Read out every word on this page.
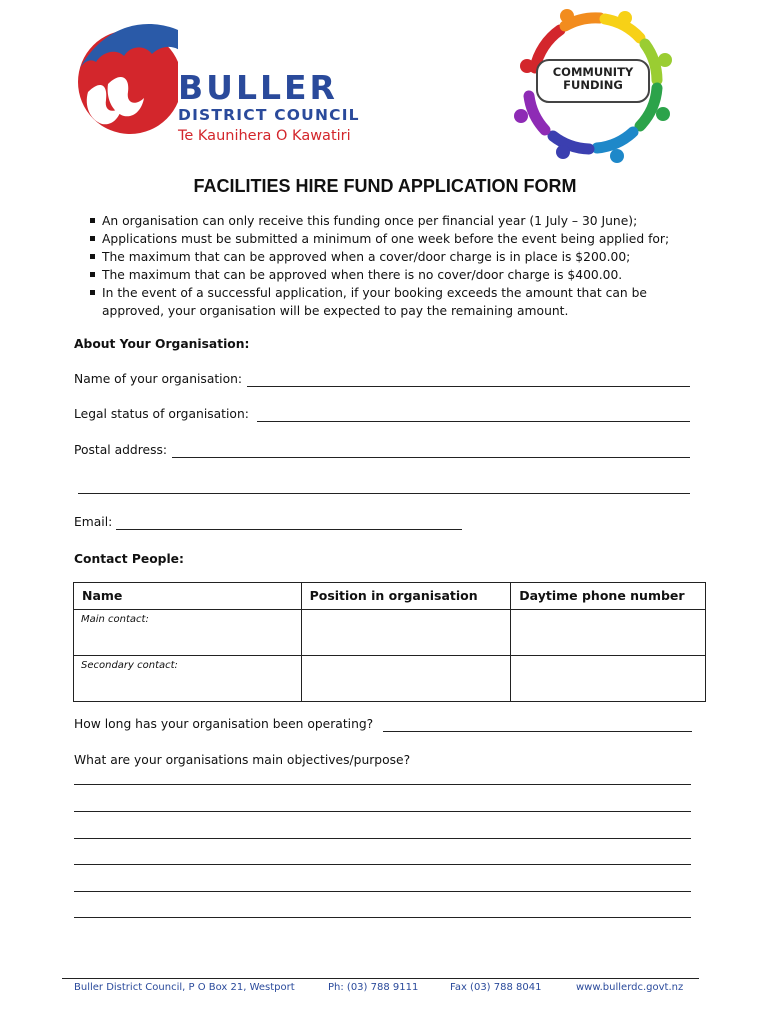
BULLER
DISTRICT COUNCIL
Te Kaunihera O Kawatiri
COMMUNITY
FUNDING
FACILITIES HIRE FUND APPLICATION FORM
An organisation can only receive this funding once per financial year (1 July – 30 June);
Applications must be submitted a minimum of one week before the event being applied for;
The maximum that can be approved when a cover/door charge is in place is $200.00;
The maximum that can be approved when there is no cover/door charge is $400.00.
In the event of a successful application, if your booking exceeds the amount that can be approved, your organisation will be expected to pay the remaining amount.
About Your Organisation:
Name of your organisation:
Legal status of organisation:
Postal address:
Email:
Contact People:
Name	Position in organisation	Daytime phone number

Main contact:		

Secondary contact:		

How long has your organisation been operating?
What are your organisations main objectives/purpose?
Buller District Council, P O Box 21, Westport	Ph: (03) 788 9111	Fax (03) 788 8041	www.bullerdc.govt.nz
